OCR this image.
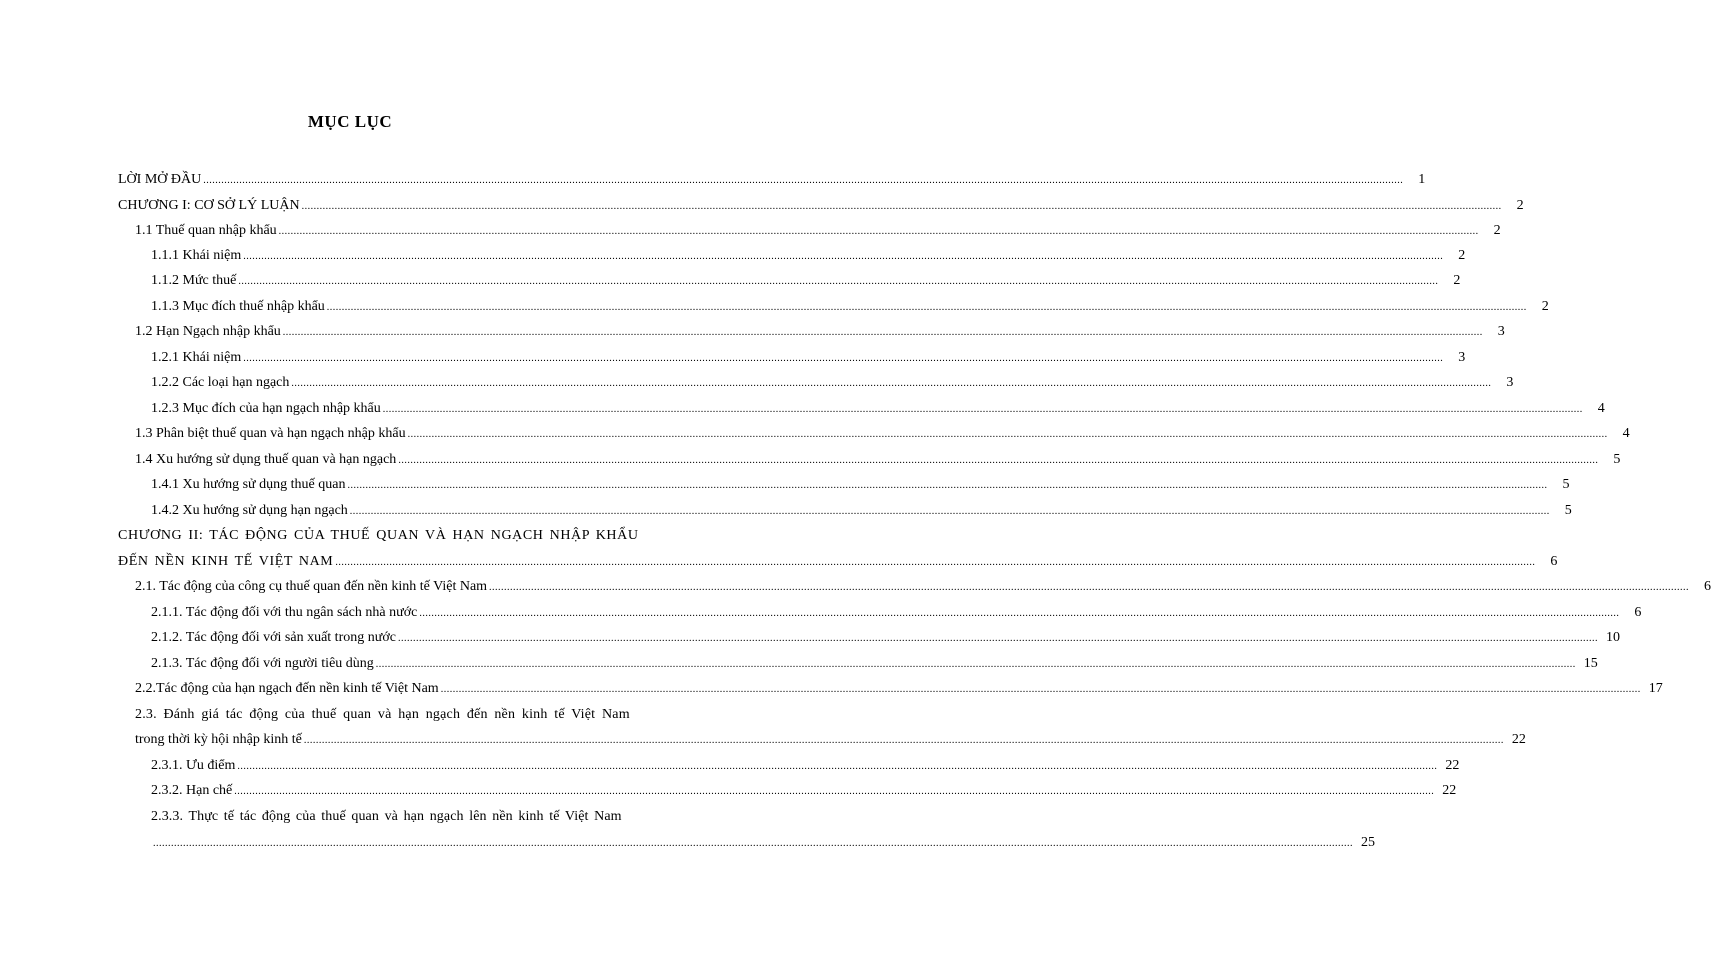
MỤC LỤC
LỜI MỞ ĐẦU ................................................................................................................................................................................................................................................................................................................................................................................................................	1
CHƯƠNG I: CƠ SỞ LÝ LUẬN ................................................................................................................................................................................................................................................................................................................................................................................................................	2
1.1 Thuế quan nhập khẩu ................................................................................................................................................................................................................................................................................................................................................................................................................	2
1.1.1 Khái niệm ................................................................................................................................................................................................................................................................................................................................................................................................................	2
1.1.2 Mức thuế ................................................................................................................................................................................................................................................................................................................................................................................................................	2
1.1.3 Mục đích thuế nhập khẩu ................................................................................................................................................................................................................................................................................................................................................................................................................	2
1.2 Hạn Ngạch nhập khẩu ................................................................................................................................................................................................................................................................................................................................................................................................................	3
1.2.1 Khái niệm ................................................................................................................................................................................................................................................................................................................................................................................................................	3
1.2.2 Các loại hạn ngạch ................................................................................................................................................................................................................................................................................................................................................................................................................	3
1.2.3 Mục đích của hạn ngạch nhập khẩu ................................................................................................................................................................................................................................................................................................................................................................................................................	4
1.3 Phân biệt thuế quan và hạn ngạch nhập khẩu ................................................................................................................................................................................................................................................................................................................................................................................................................	4
1.4 Xu hướng sử dụng thuế quan và hạn ngạch ................................................................................................................................................................................................................................................................................................................................................................................................................	5
1.4.1 Xu hướng sử dụng thuế quan ................................................................................................................................................................................................................................................................................................................................................................................................................	5
1.4.2 Xu hướng sử dụng hạn ngạch ................................................................................................................................................................................................................................................................................................................................................................................................................	5
CHƯƠNG II: TÁC ĐỘNG CỦA THUẾ QUAN VÀ HẠN NGẠCH NHẬP KHẨU
ĐẾN NỀN KINH TẾ VIỆT NAM ................................................................................................................................................................................................................................................................................................................................................................................................................	6
2.1. Tác động của công cụ thuế quan đến nền kinh tế Việt Nam ................................................................................................................................................................................................................................................................................................................................................................................................................	6
2.1.1. Tác động đối với thu ngân sách nhà nước ................................................................................................................................................................................................................................................................................................................................................................................................................	6
2.1.2. Tác động đối với sản xuất trong nước ................................................................................................................................................................................................................................................................................................................................................................................................................ 10
2.1.3. Tác động đối với người tiêu dùng ................................................................................................................................................................................................................................................................................................................................................................................................................ 15
2.2.Tác động của hạn ngạch đến nền kinh tế Việt Nam ................................................................................................................................................................................................................................................................................................................................................................................................................ 17
2.3. Đánh giá tác động của thuế quan và hạn ngạch đến nền kinh tế Việt Nam
trong thời kỳ hội nhập kinh tế ................................................................................................................................................................................................................................................................................................................................................................................................................ 22
2.3.1. Ưu điểm ................................................................................................................................................................................................................................................................................................................................................................................................................ 22
2.3.2. Hạn chế ................................................................................................................................................................................................................................................................................................................................................................................................................ 22
2.3.3. Thực tế tác động của thuế quan và hạn ngạch lên nền kinh tế Việt Nam
................................................................................................................................................................................................................................................................................................................................................................................................................ 25
